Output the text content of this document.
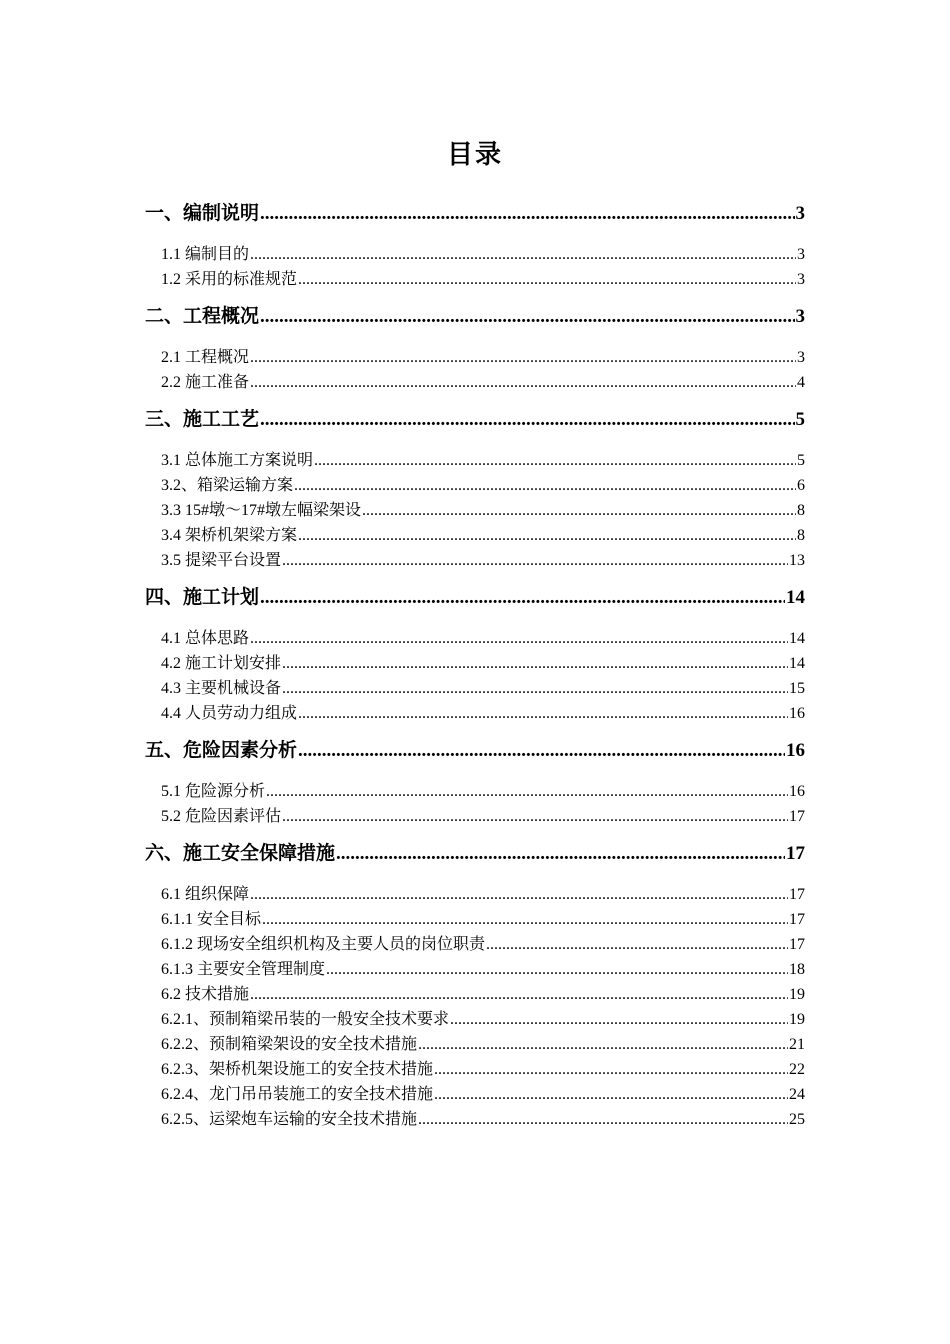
目录
一、编制说明 .....	3
1.1 编制目的 .....	3
1.2 采用的标准规范 .....	3
二、工程概况 .....	3
2.1 工程概况 .....	3
2.2 施工准备 .....	4
三、施工工艺 .....	5
3.1 总体施工方案说明 .....	5
3.2、箱梁运输方案 .....	6
3.3 15#墩～17#墩左幅梁架设 .....	8
3.4 架桥机架梁方案 .....	8
3.5 提梁平台设置 .....	13
四、施工计划 .....	14
4.1 总体思路 .....	14
4.2 施工计划安排 .....	14
4.3 主要机械设备 .....	15
4.4 人员劳动力组成 .....	16
五、危险因素分析 .....	16
5.1 危险源分析 .....	16
5.2 危险因素评估 .....	17
六、施工安全保障措施 .....	17
6.1 组织保障 .....	17
6.1.1 安全目标 .....	17
6.1.2 现场安全组织机构及主要人员的岗位职责 .....	17
6.1.3 主要安全管理制度 .....	18
6.2 技术措施 .....	19
6.2.1、预制箱梁吊装的一般安全技术要求 .....	19
6.2.2、预制箱梁架设的安全技术措施 .....	21
6.2.3、架桥机架设施工的安全技术措施 .....	22
6.2.4、龙门吊吊装施工的安全技术措施 .....	24
6.2.5、运梁炮车运输的安全技术措施 .....	25
